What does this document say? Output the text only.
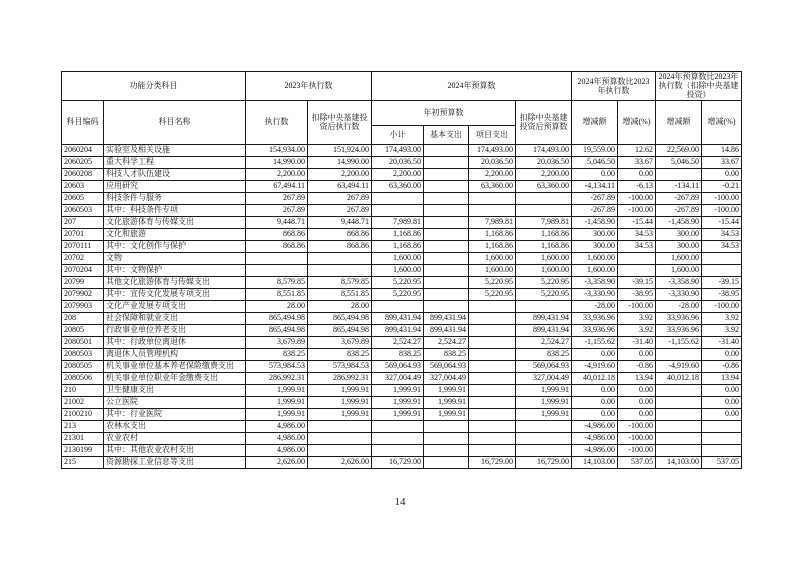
功能分类科目		2023年执行数		2024年预算数				2024年预算数比2023年执行数		2024年预算数比2023年执行数（扣除中央基建投资）	
科目编码	科目名称	执行数	扣除中央基建投资后执行数	年初预算数			扣除中央基建投资后预算数	增减额	增减(%)	增减额	增减(%)
				小计	基本支出	项目支出					
2060204	实验室及相关设施	154,934.00	151,924.00	174,493.00		174,493.00	174,493.00	19,559.00	12.62	22,569.00	14.86
2060205	重大科学工程	14,990.00	14,990.00	20,036.50		20,036.50	20,036.50	5,046.50	33.67	5,046.50	33.67
2060208	科技人才队伍建设	2,200.00	2,200.00	2,200.00		2,200.00	2,200.00	0.00	0.00		0.00
20603	应用研究	67,494.11	63,494.11	63,360.00		63,360.00	63,360.00	-4,134.11	-6.13	-134.11	-0.21
20605	科技条件与服务	267.89	267.89					-267.89	-100.00	-267.89	-100.00
2060503	其中：科技条件专项	267.89	267.89					-267.89	-100.00	-267.89	-100.00
207	文化旅游体育与传媒支出	9,448.71	9,448.71	7,989.81		7,989.81	7,989.81	-1,458.90	-15.44	-1,458.90	-15.44
20701	文化和旅游	868.86	868.86	1,168.86		1,168.86	1,168.86	300.00	34.53	300.00	34.53
2070111	其中：文化创作与保护	868.86	868.86	1,168.86		1,168.86	1,168.86	300.00	34.53	300.00	34.53
20702	文物			1,600.00		1,600.00	1,600.00	1,600.00		1,600.00	
2070204	其中：文物保护			1,600.00		1,600.00	1,600.00	1,600.00		1,600.00	
20799	其他文化旅游体育与传媒支出	8,579.85	8,579.85	5,220.95		5,220.95	5,220.95	-3,358.90	-39.15	-3,358.90	-39.15
2079902	其中：宣传文化发展专项支出	8,551.85	8,551.85	5,220.95		5,220.95	5,220.95	-3,330.90	-38.95	-3,330.90	-38.95
2079903	文化产业发展专项支出	28.00	28.00					-28.00	-100.00	-28.00	-100.00
208	社会保障和就业支出	865,494.98	865,494.98	899,431.94	899,431.94		899,431.94	33,936.96	3.92	33,936.96	3.92
20805	行政事业单位养老支出	865,494.98	865,494.98	899,431.94	899,431.94		899,431.94	33,936.96	3.92	33,936.96	3.92
2080501	其中：行政单位离退休	3,679.89	3,679.89	2,524.27	2,524.27		2,524.27	-1,155.62	-31.40	-1,155.62	-31.40
2080503	离退休人员管理机构	838.25	838.25	838.25	838.25		838.25	0.00	0.00		0.00
2080505	机关事业单位基本养老保险缴费支出	573,984.53	573,984.53	569,064.93	569,064.93		569,064.93	-4,919.60	-0.86	-4,919.60	-0.86
2080506	机关事业单位职业年金缴费支出	286,992.31	286,992.31	327,004.49	327,004.49		327,004.49	40,012.18	13.94	40,012.18	13.94
210	卫生健康支出	1,999.91	1,999.91	1,999.91	1,999.91		1,999.91	0.00	0.00		0.00
21002	公立医院	1,999.91	1,999.91	1,999.91	1,999.91		1,999.91	0.00	0.00		0.00
2100210	其中：行业医院	1,999.91	1,999.91	1,999.91	1,999.91		1,999.91	0.00	0.00		0.00
213	农林水支出	4,986.00						-4,986.00	-100.00		
21301	农业农村	4,986.00						-4,986.00	-100.00		
2130199	其中：其他农业农村支出	4,986.00						-4,986.00	-100.00		
215	资源勘探工业信息等支出	2,626.00	2,626.00	16,729.00		16,729.00	16,729.00	14,103.00	537.05	14,103.00	537.05
14
